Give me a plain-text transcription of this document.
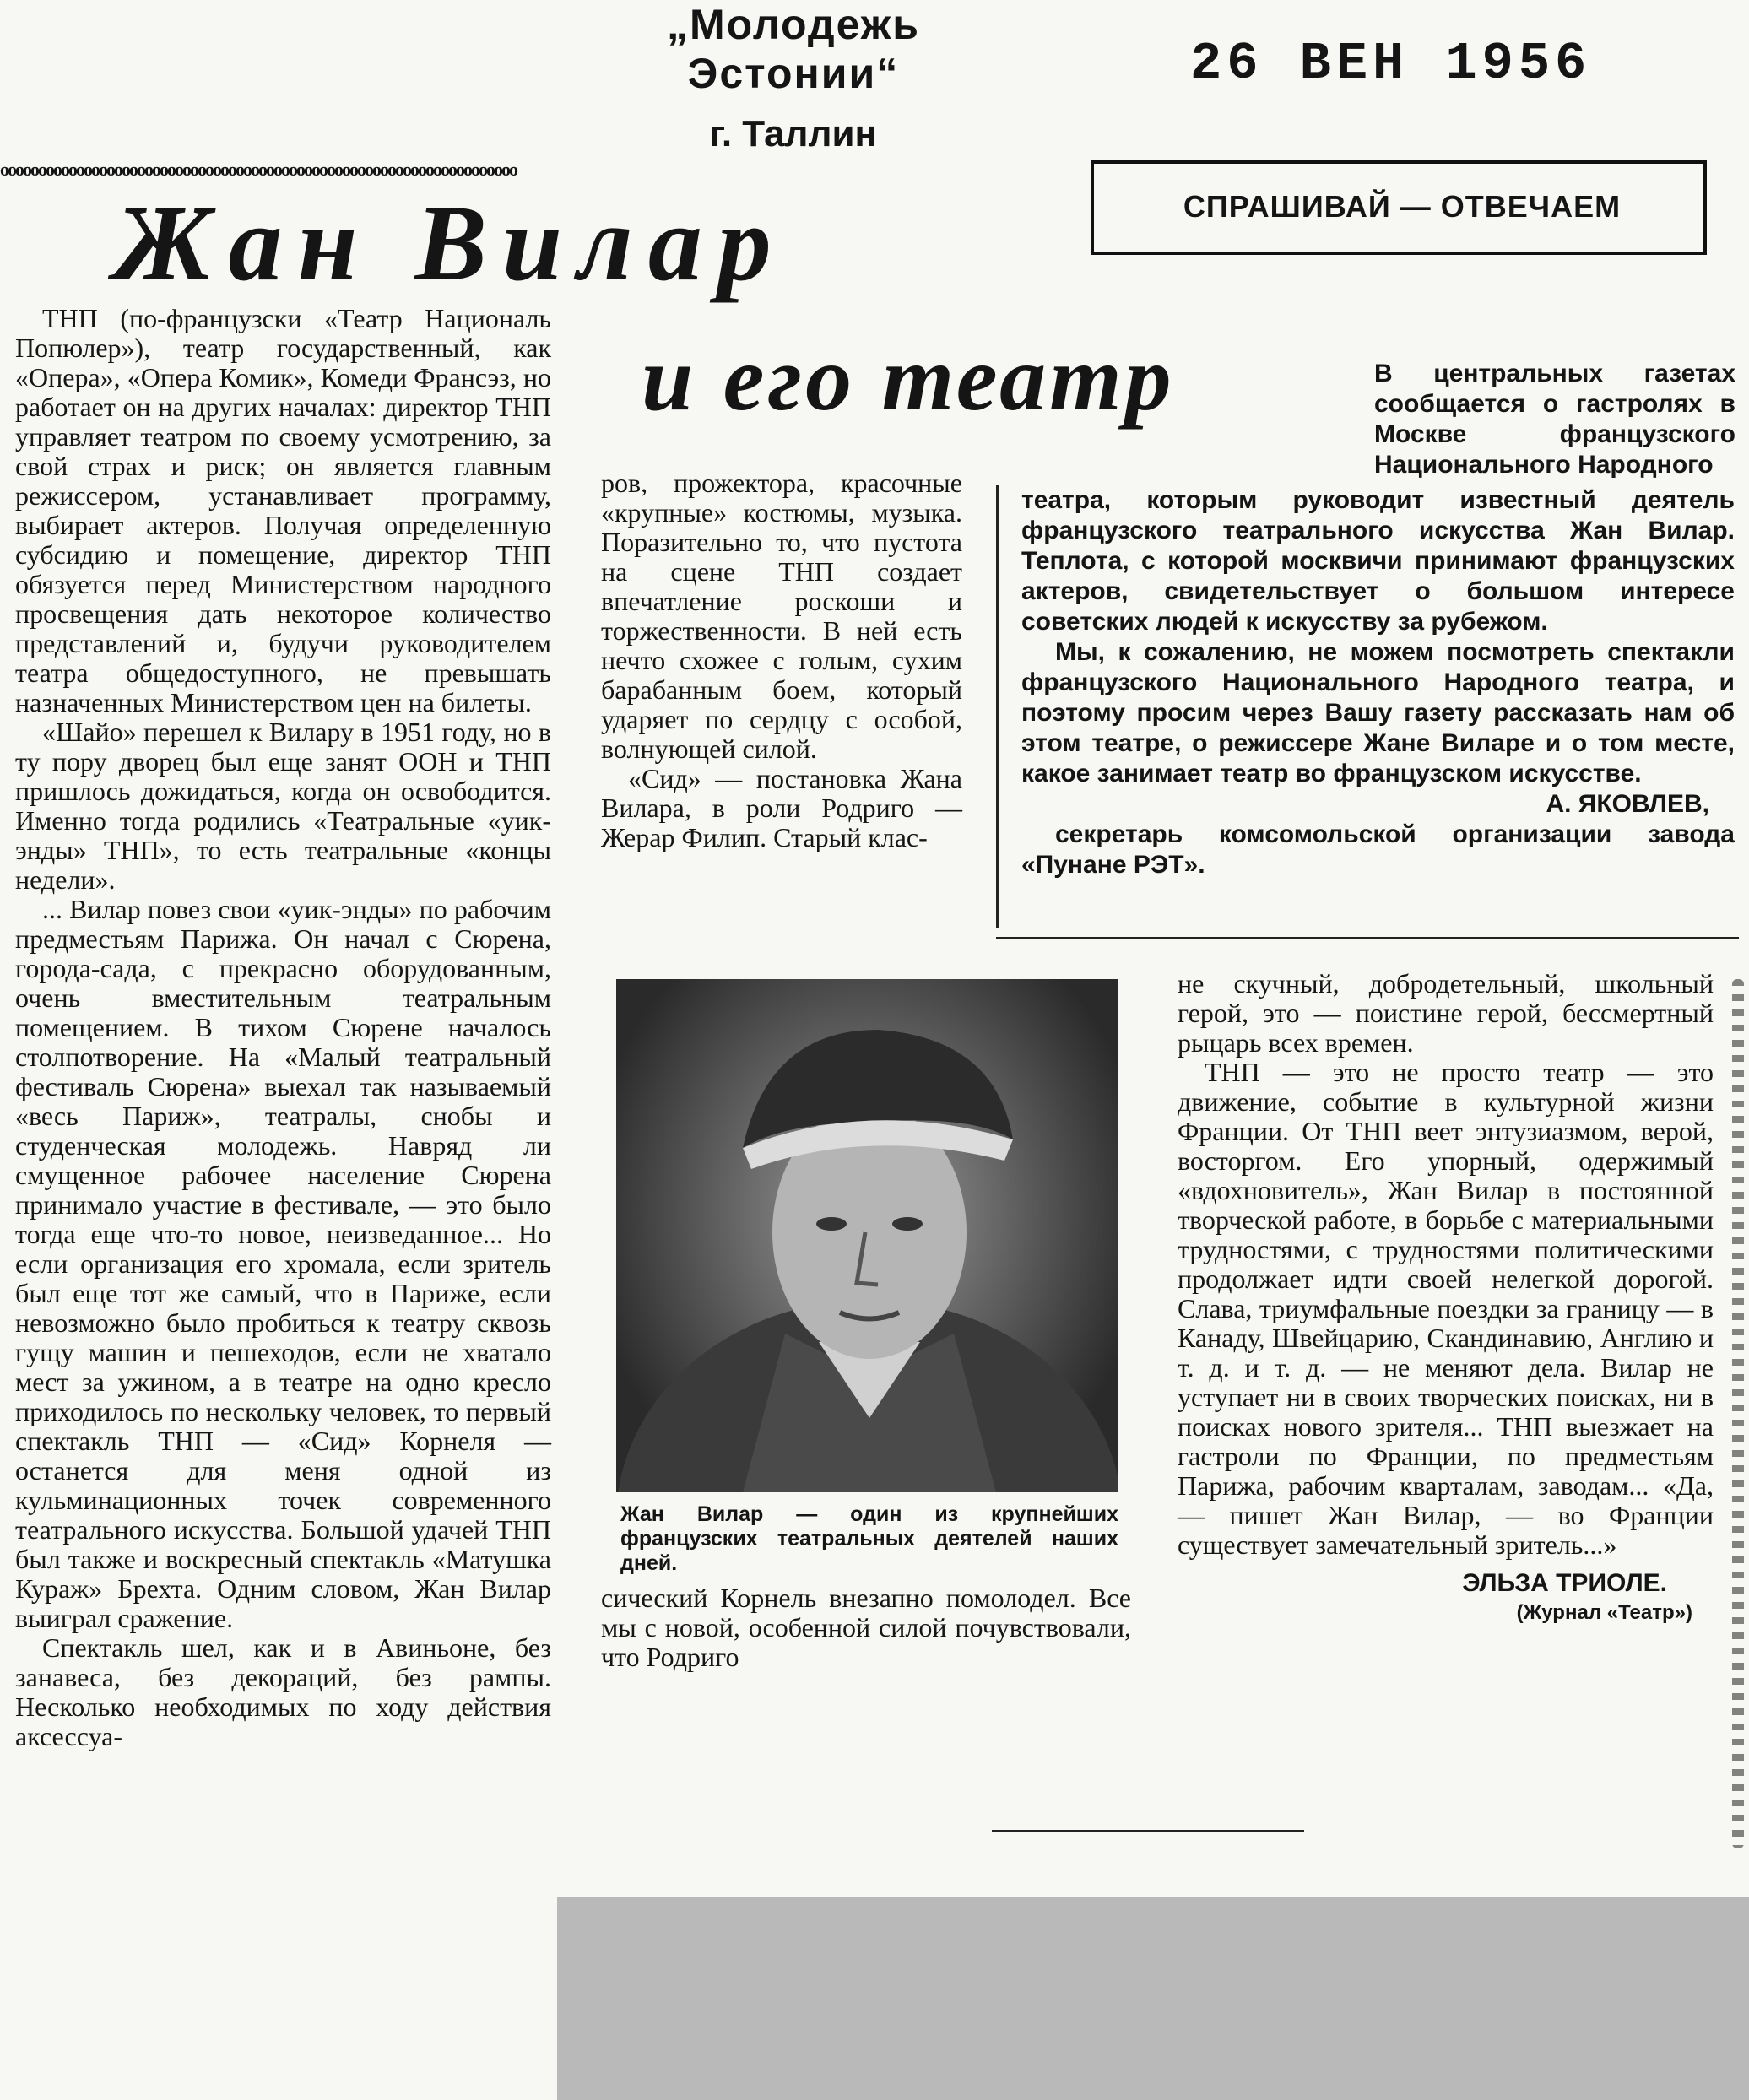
„Молодежь Эстонии“
г. Таллин
26 ВЕН 1956
oooooooooooooooooooooooooooooooooooooooooooooooooooooooooooooooooooo
Жан Вилар
и его театр
СПРАШИВАЙ — ОТВЕЧАЕМ

В центральных газетах сообщается о гастролях в Москве французского Национального Народного

театра, которым руководит известный деятель французского театрального искусства Жан Вилар. Теплота, с которой москвичи принимают французских актеров, свидетельствует о большом интересе советских людей к искусству за рубежом.

Мы, к сожалению, не можем посмотреть спектакли французского Национального Народного театра, и поэтому просим через Вашу газету рассказать нам об этом театре, о режиссере Жане Виларе и о том месте, какое занимает театр во французском искусстве.

А. ЯКОВЛЕВ,

секретарь комсомольской организации завода «Пунане РЭТ».

ТНП (по-французски «Театр Националь Попюлер»), театр государственный, как «Опера», «Опера Комик», Комеди Франсэз, но работает он на других началах: директор ТНП управляет театром по своему усмотрению, за свой страх и риск; он является главным режиссером, устанавливает программу, выбирает актеров. Получая определенную субсидию и помещение, директор ТНП обязуется перед Министерством народного просвещения дать некоторое количество представлений и, будучи руководителем театра общедоступного, не превышать назначенных Министерством цен на билеты.

«Шайо» перешел к Вилару в 1951 году, но в ту пору дворец был еще занят ООН и ТНП пришлось дожидаться, когда он освободится. Именно тогда родились «Театральные «уик-энды» ТНП», то есть театральные «концы недели».

... Вилар повез свои «уик-энды» по рабочим предместьям Парижа. Он начал с Сюрена, города-сада, с прекрасно оборудованным, очень вместительным театральным помещением. В тихом Сюрене началось столпотворение. На «Малый театральный фестиваль Сюрена» выехал так называемый «весь Париж», театралы, снобы и студенческая молодежь. Навряд ли смущенное рабочее население Сюрена принимало участие в фестивале, — это было тогда еще что-то новое, неизведанное... Но если организация его хромала, если зритель был еще тот же самый, что в Париже, если невозможно было пробиться к театру сквозь гущу машин и пешеходов, если не хватало мест за ужином, а в театре на одно кресло приходилось по нескольку человек, то первый спектакль ТНП — «Сид» Корнеля — останется для меня одной из кульминационных точек современного театрального искусства. Большой удачей ТНП был также и воскресный спектакль «Матушка Кураж» Брехта. Одним словом, Жан Вилар выиграл сражение.

Спектакль шел, как и в Авиньоне, без занавеса, без декораций, без рампы. Несколько необходимых по ходу действия аксессуа-

ров, прожектора, красочные «крупные» костюмы, музыка. Поразительно то, что пустота на сцене ТНП создает впечатление роскоши и торжественности. В ней есть нечто схожее с голым, сухим барабанным боем, который ударяет по сердцу с особой, волнующей силой.

«Сид» — постановка Жана Вилара, в роли Родриго — Жерар Филип. Старый клас-

Жан Вилар — один из крупнейших французских театральных деятелей наших дней.

сический Корнель внезапно помолодел. Все мы с новой, особенной силой почувствовали, что Родриго

не скучный, добродетельный, школьный герой, это — поистине герой, бессмертный рыцарь всех времен.

ТНП — это не просто театр — это движение, событие в культурной жизни Франции. От ТНП веет энтузиазмом, верой, восторгом. Его упорный, одержимый «вдохновитель», Жан Вилар в постоянной творческой работе, в борьбе с материальными трудностями, с трудностями политическими продолжает идти своей нелегкой дорогой. Слава, триумфальные поездки за границу — в Канаду, Швейцарию, Скандинавию, Англию и т. д. и т. д. — не меняют дела. Вилар не уступает ни в своих творческих поисках, ни в поисках нового зрителя... ТНП выезжает на гастроли по Франции, по предместьям Парижа, рабочим кварталам, заводам... «Да, — пишет Жан Вилар, — во Франции существует замечательный зритель...»

ЭЛЬЗА ТРИОЛЕ.

(Журнал «Театр»)
